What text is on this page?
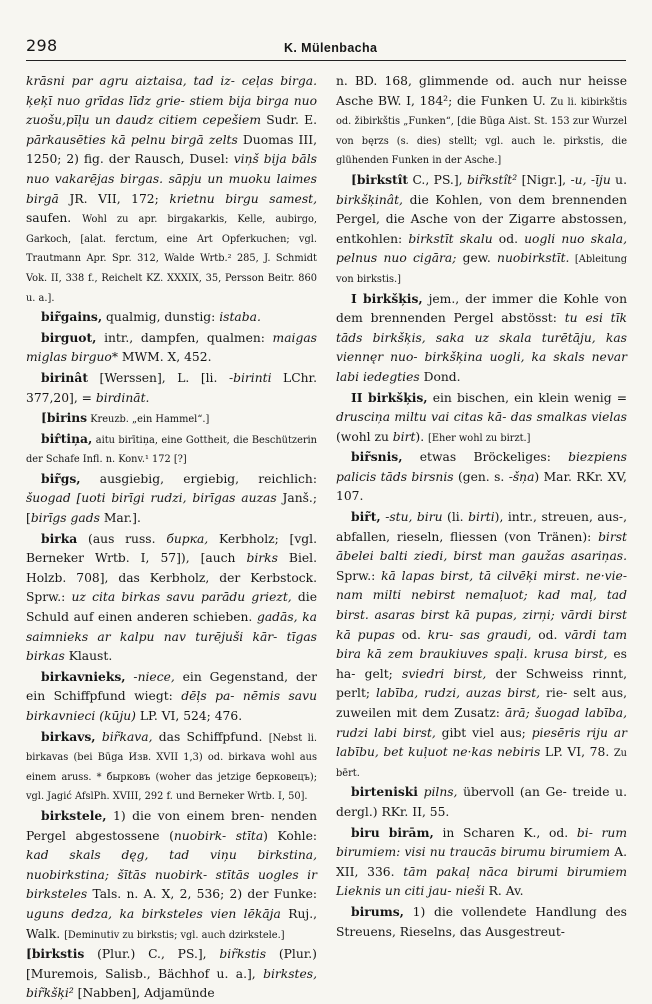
298	K. Mülenbacha

krāsni par agru aiztaisa, tad iz- ceļas birga. ķeķī nuo grīdas līdz grie- stiem bija birga nuo zuošu,pīļu un daudz citiem cepešiem Sudr. E. pārkausēties kā pelnu birgā zelts Duomas III, 1250; 2) fig. der Rausch, Dusel: viņš bija bāls nuo vakarējas birgas. sāpju un muoku laimes birgā JR. VII, 172; krietnu birgu samest, saufen. Wohl zu apr. birgakarkis, Kelle, aubirgo, Garkoch, [alat. ferctum, eine Art Opferkuchen; vgl. Trautmann Apr. Spr. 312, Walde Wrtb.² 285, J. Schmidt Vok. II, 338 f., Reichelt KZ. XXXIX, 35, Persson Beitr. 860 u. a.].

bir̃gains, qualmig, dunstig: istaba.

birguot, intr., dampfen, qualmen: maigas miglas birguo* MWM. X, 452.

birinât [Werssen], L. [li. -birinti LChr. 377,20], = birdināt.

[birins Kreuzb. „ein Hammel“.]

bir̂tiņa, aitu birītiņa, eine Gottheit, die Beschützerin der Schafe Infl. n. Konv.¹ 172 [?]

bir̃gs, ausgiebig, ergiebig, reichlich: šuogad [uoti birīgi rudzi, birīgas auzas Janš.; [birīgs gads Mar.].

birka (aus russ. бирка, Kerbholz; [vgl. Berneker Wrtb. I, 57]), [auch birks Biel. Holzb. 708], das Kerbholz, der Kerbstock. Sprw.: uz cita birkas savu parādu griezt, die Schuld auf einen anderen schieben. gadās, ka saimnieks ar kalpu nav turējuši kār- tīgas birkas Klaust.

birkavnieks, -niece, ein Gegenstand, der ein Schiffpfund wiegt: dēļs pa- nēmis savu birkavnieci (kūju) LP. VI, 524; 476.

birkavs, bir̃kava, das Schiffpfund. [Nebst li. birkavas (bei Būga Изв. XVII 1,3) od. birkava wohl aus einem aruss. * бырковъ (woher das jetzige берковецъ); vgl. Jagić AfslPh. XVIII, 292 f. und Berneker Wrtb. I, 50].

birkstele, 1) die von einem bren- nenden Pergel abgestossene (nuobirk- stīta) Kohle: kad skals dęg, tad viņu birkstina, nuobirkstina; šītās nuobirk- stītās uogles ir birksteles Tals. n. A. X, 2, 536; 2) der Funke: uguns dedza, ka birksteles vien lēkāja Ruj., Walk. [Deminutiv zu birkstis; vgl. auch dzirkstele.]

[birkstis (Plur.) C., PS.], bir̃kstis (Plur.) [Muremois, Salisb., Bächhof u. a.], birkstes, bir̃kšķi² [Nabben], Adjamünde

n. BD. 168, glimmende od. auch nur heisse Asche BW. I, 184²; die Funken U. Zu li. kibirkštis od. žibirkštis „Funken“, [die Būga Aist. St. 153 zur Wurzel von bęrzs (s. dies) stellt; vgl. auch le. pirkstis, die glühenden Funken in der Asche.]

[birkstît C., PS.], bir̃kstît² [Nigr.], -u, -īju u. birkšķinât, die Kohlen, von dem brennenden Pergel, die Asche von der Zigarre abstossen, entkohlen: birkstīt skalu od. uogli nuo skala, pelnus nuo cigāra; gew. nuobirkstīt. [Ableitung von birkstis.]

I birkšķis, jem., der immer die Kohle von dem brennenden Pergel abstösst: tu esi tīk tāds birkšķis, saka uz skala turētāju, kas viennęr nuo- birkšķina uogli, ka skals nevar labi iedegties Dond.

II birkšķis, ein bischen, ein klein wenig = drusciņa miltu vai citas kā- das smalkas vielas (wohl zu birt). [Eher wohl zu birzt.]

bir̃snis, etwas Bröckeliges: biezpiens palicis tāds birsnis (gen. s. -šņa) Mar. RKr. XV, 107.

bir̃t, -stu, biru (li. birti), intr., streuen, aus-, abfallen, rieseln, fliessen (von Tränen): birst ābelei balti ziedi, birst man gaužas asariņas. Sprw.: kā lapas birst, tā cilvēķi mirst. ne·vie- nam milti nebirst nemaļuot; kad maļ, tad birst. asaras birst kā pupas, zirņi; vārdi birst kā pupas od. kru- sas graudi, od. vārdi tam bira kā zem braukiuves spaļi. krusa birst, es ha- gelt; sviedri birst, der Schweiss rinnt, perlt; labība, rudzi, auzas birst, rie- selt aus, zuweilen mit dem Zusatz: ārā; šuogad labība, rudzi labi birst, gibt viel aus; piesēris riju ar labību, bet kuļuot ne·kas nebiris LP. VI, 78. Zu bērt.

birteniski pilns, übervoll (an Ge- treide u. dergl.) RKr. II, 55.

biru birām, in Scharen K., od. bi- rum birumiem: visi nu traucās birumu birumiem A. XII, 336. tām pakaļ nāca birumi birumiem Lieknis un citi jau- nieši R. Av.

birums, 1) die vollendete Handlung des Streuens, Rieselns, das Ausgestreut-
